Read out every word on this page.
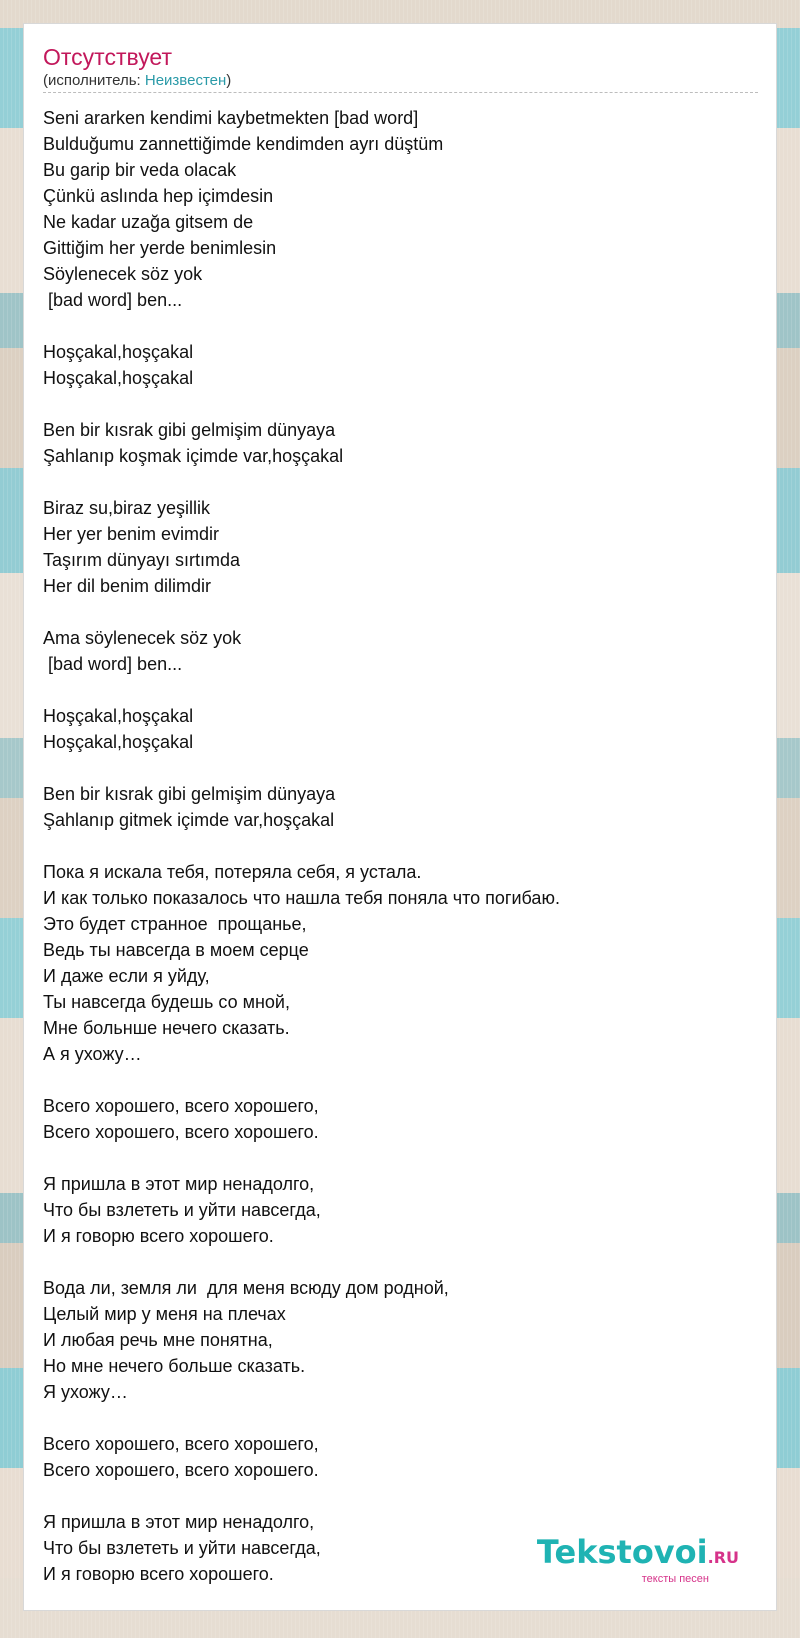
Отсутствует
(исполнитель: Неизвестен)
Seni ararken kendimi kaybetmekten [bad word]
Bulduğumu zannettiğimde kendimden ayrı düştüm
Bu garip bir veda olacak
Çünkü aslında hep içimdesin
Ne kadar uzağa gitsem de
Gittiğim her yerde benimlesin
Söylenecek söz yok
[bad word] ben...
Hoşçakal,hoşçakal
Hoşçakal,hoşçakal
Ben bir kısrak gibi gelmişim dünyaya
Şahlanıp koşmak içimde var,hoşçakal
Biraz su,biraz yeşillik
Her yer benim evimdir
Taşırım dünyayı sırtımda
Her dil benim dilimdir
Ama söylenecek söz yok
[bad word] ben...
Hoşçakal,hoşçakal
Hoşçakal,hoşçakal
Ben bir kısrak gibi gelmişim dünyaya
Şahlanıp gitmek içimde var,hoşçakal
Пока я искала тебя, потеряла себя, я устала.
И как только показалось что нашла тебя поняла что погибаю.
Это будет странное  прощанье,
Ведь ты навсегда в моем серце
И даже если я уйду,
Ты навсегда будешь со мной,
Мне больнше нечего сказать.
А я ухожу…
Всего хорошего, всего хорошего,
Всего хорошего, всего хорошего.
Я пришла в этот мир ненадолго,
Что бы взлететь и уйти навсегда,
И я говорю всего хорошего.
Вода ли, земля ли  для меня всюду дом родной,
Целый мир у меня на плечах
И любая речь мне понятна,
Но мне нечего больше сказать.
Я ухожу…
Всего хорошего, всего хорошего,
Всего хорошего, всего хорошего.
Я пришла в этот мир ненадолго,
Что бы взлететь и уйти навсегда,
И я говорю всего хорошего.
Tekstovoi.RU
тексты песен
